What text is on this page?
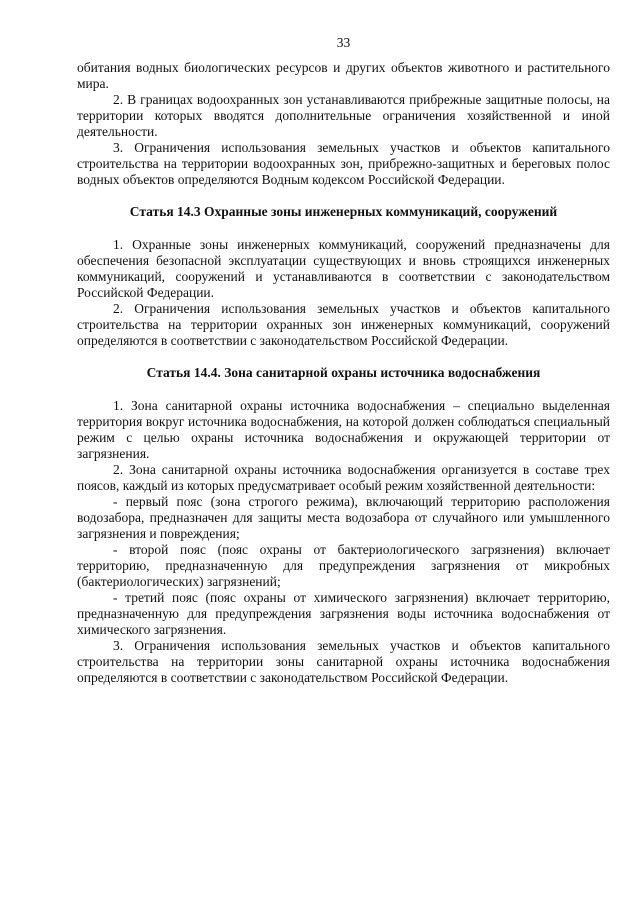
33

обитания водных биологических ресурсов и других объектов животного и растительного мира.

2. В границах водоохранных зон устанавливаются прибрежные защитные полосы, на территории которых вводятся дополнительные ограничения хозяйственной и иной деятельности.

3. Ограничения использования земельных участков и объектов капитального строительства на территории водоохранных зон, прибрежно-защитных и береговых полос водных объектов определяются Водным кодексом Российской Федерации.

Статья 14.3 Охранные зоны инженерных коммуникаций, сооружений

1. Охранные зоны инженерных коммуникаций, сооружений предназначены для обеспечения безопасной эксплуатации существующих и вновь строящихся инженерных коммуникаций, сооружений и устанавливаются в соответствии с законодательством Российской Федерации.

2. Ограничения использования земельных участков и объектов капитального строительства на территории охранных зон инженерных коммуникаций, сооружений определяются в соответствии с законодательством Российской Федерации.

Статья 14.4. Зона санитарной охраны источника водоснабжения

1. Зона санитарной охраны источника водоснабжения – специально выделенная территория вокруг источника водоснабжения, на которой должен соблюдаться специальный режим с целью охраны источника водоснабжения и окружающей территории от загрязнения.

2. Зона санитарной охраны источника водоснабжения организуется в составе трех поясов, каждый из которых предусматривает особый режим хозяйственной деятельности:

- первый пояс (зона строгого режима), включающий территорию расположения водозабора, предназначен для защиты места водозабора от случайного или умышленного загрязнения и повреждения;

- второй пояс (пояс охраны от бактериологического загрязнения) включает территорию, предназначенную для предупреждения загрязнения от микробных (бактериологических) загрязнений;

- третий пояс (пояс охраны от химического загрязнения) включает территорию, предназначенную для предупреждения загрязнения воды источника водоснабжения от химического загрязнения.

3. Ограничения использования земельных участков и объектов капитального строительства на территории зоны санитарной охраны источника водоснабжения определяются в соответствии с законодательством Российской Федерации.
